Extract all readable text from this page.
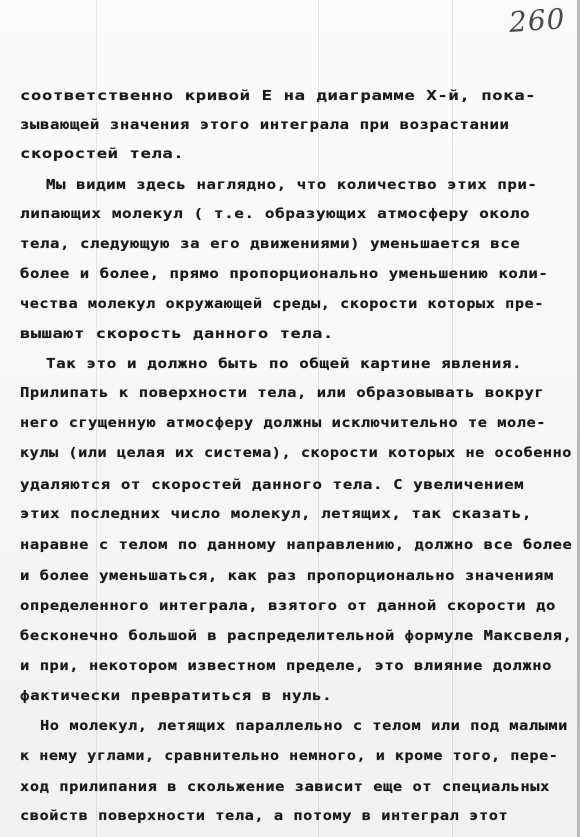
260
соответственно кривой Е на диаграмме Х-й, пока-
зывающей значения этого интеграла при возрастании
скоростей тела.
Мы видим здесь наглядно, что количество этих при-
липающих молекул ( т.е. образующих атмосферу около
тела, следующую за его движениями) уменьшается все
более и более, прямо пропорционально уменьшению коли-
чества молекул окружающей среды, скорости которых пре-
вышают скорость данного тела.
Так это и должно быть по общей картине явления.
Прилипать к поверхности тела, или образовывать вокруг
него сгущенную атмосферу должны исключительно те моле-
кулы (или целая их система), скорости которых не особенно
удаляются от скоростей данного тела. С увеличением
этих последних число молекул, летящих, так сказать,
наравне с телом по данному направлению, должно все более
и более уменьшаться, как раз пропорционально значениям
определенного интеграла, взятого от данной скорости до
бесконечно большой в распределительной формуле Максвеля,
и при, некотором известном пределе, это влияние должно
фактически превратиться в нуль.
Но молекул, летящих параллельно с телом или под малыми
к нему углами, сравнительно немного, и кроме того, пере-
ход прилипания в скольжение зависит еще от специальных
свойств поверхности тела, а потому в интеграл этот
